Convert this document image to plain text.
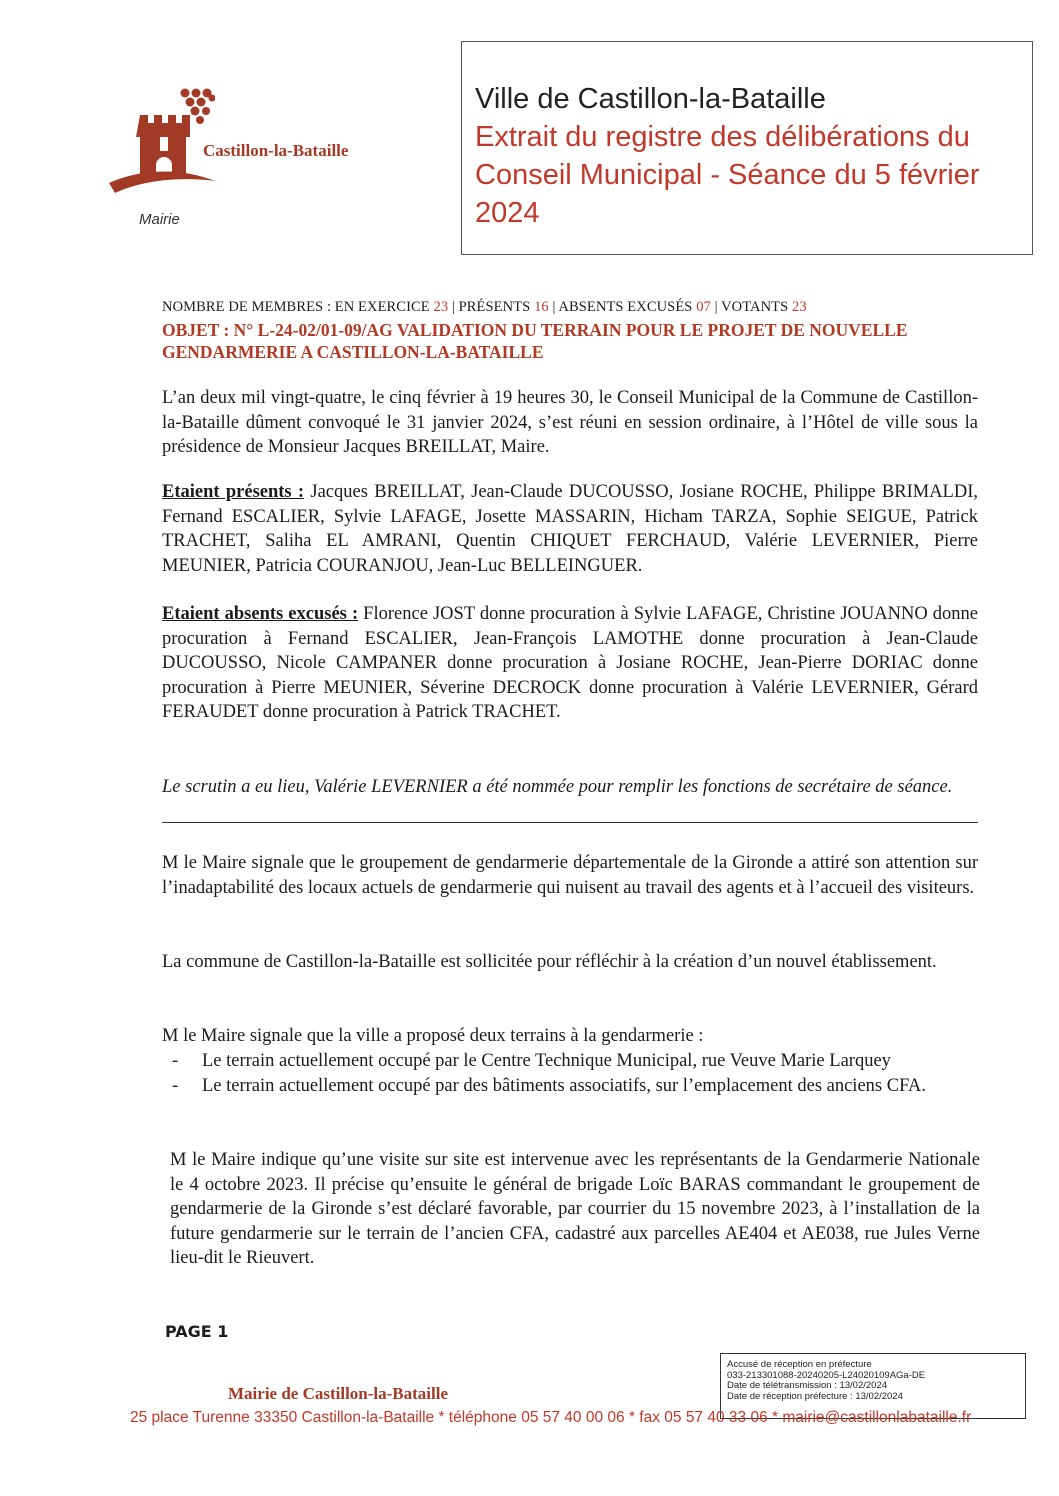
Castillon-la-Bataille
Mairie
Ville de Castillon-la-Bataille
Extrait du registre des délibérations du Conseil Municipal - Séance du 5 février 2024
NOMBRE DE MEMBRES : EN EXERCICE 23 | PRÉSENTS 16 | ABSENTS EXCUSÉS 07 | VOTANTS 23
OBJET : N° L-24-02/01-09/AG VALIDATION DU TERRAIN POUR LE PROJET DE NOUVELLE GENDARMERIE A CASTILLON-LA-BATAILLE
L’an deux mil vingt-quatre, le cinq février à 19 heures 30, le Conseil Municipal de la Commune de Castillon-la-Bataille dûment convoqué le 31 janvier 2024, s’est réuni en session ordinaire, à l’Hôtel de ville sous la présidence de Monsieur Jacques BREILLAT, Maire.
Etaient présents : Jacques BREILLAT, Jean-Claude DUCOUSSO, Josiane ROCHE, Philippe BRIMALDI, Fernand ESCALIER, Sylvie LAFAGE, Josette MASSARIN, Hicham TARZA, Sophie SEIGUE, Patrick TRACHET, Saliha EL AMRANI, Quentin CHIQUET FERCHAUD, Valérie LEVERNIER, Pierre MEUNIER, Patricia COURANJOU, Jean-Luc BELLEINGUER.
Etaient absents excusés : Florence JOST donne procuration à Sylvie LAFAGE, Christine JOUANNO donne procuration à Fernand ESCALIER, Jean-François LAMOTHE donne procuration à Jean-Claude DUCOUSSO, Nicole CAMPANER donne procuration à Josiane ROCHE, Jean-Pierre DORIAC donne procuration à Pierre MEUNIER, Séverine DECROCK donne procuration à Valérie LEVERNIER, Gérard FERAUDET donne procuration à Patrick TRACHET.
Le scrutin a eu lieu, Valérie LEVERNIER a été nommée pour remplir les fonctions de secrétaire de séance.
M le Maire signale que le groupement de gendarmerie départementale de la Gironde a attiré son attention sur l’inadaptabilité des locaux actuels de gendarmerie qui nuisent au travail des agents et à l’accueil des visiteurs.
La commune de Castillon-la-Bataille est sollicitée pour réfléchir à la création d’un nouvel établissement.
M le Maire signale que la ville a proposé deux terrains à la gendarmerie :
- Le terrain actuellement occupé par le Centre Technique Municipal, rue Veuve Marie Larquey
- Le terrain actuellement occupé par des bâtiments associatifs, sur l’emplacement des anciens CFA.
M le Maire indique qu’une visite sur site est intervenue avec les représentants de la Gendarmerie Nationale le 4 octobre 2023. Il précise qu’ensuite le général de brigade Loïc BARAS commandant le groupement de gendarmerie de la Gironde s’est déclaré favorable, par courrier du 15 novembre 2023, à l’installation de la future gendarmerie sur le terrain de l’ancien CFA, cadastré aux parcelles AE404 et AE038, rue Jules Verne lieu-dit le Rieuvert.
PAGE 1
Accusé de réception en préfecture
033-213301088-20240205-L24020109AGa-DE
Date de télétransmission : 13/02/2024
Date de réception préfecture : 13/02/2024
Mairie de Castillon-la-Bataille
25 place Turenne 33350 Castillon-la-Bataille * téléphone 05 57 40 00 06 * fax 05 57 40 33 06 * mairie@castillonlabataille.fr
